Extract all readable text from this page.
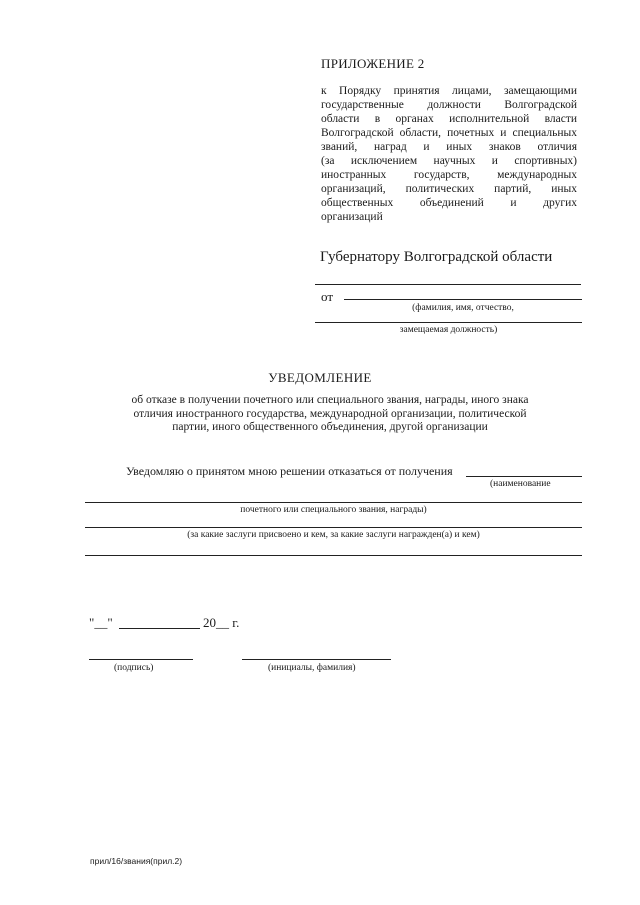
ПРИЛОЖЕНИЕ 2
к Порядку принятия лицами, замещающими
государственные должности Волгоградской
области в органах исполнительной власти
Волгоградской области, почетных и специальных
званий, наград и иных знаков отличия
(за исключением научных и спортивных)
иностранных государств, международных
организаций, политических партий, иных
общественных объединений и других
организаций
Губернатору Волгоградской области
от
(фамилия, имя, отчество,
замещаемая должность)
УВЕДОМЛЕНИЕ
об отказе в получении почетного или специального звания, награды, иного знака
отличия иностранного государства, международной организации, политической
партии, иного общественного объединения, другой организации
Уведомляю о принятом мною решении отказаться от получения
(наименование
почетного или специального звания, награды)
(за какие заслуги присвоено и кем, за какие заслуги награжден(а) и кем)
"__"	20__ г.
(подпись)	(инициалы, фамилия)
прил/16/звания(прил.2)
